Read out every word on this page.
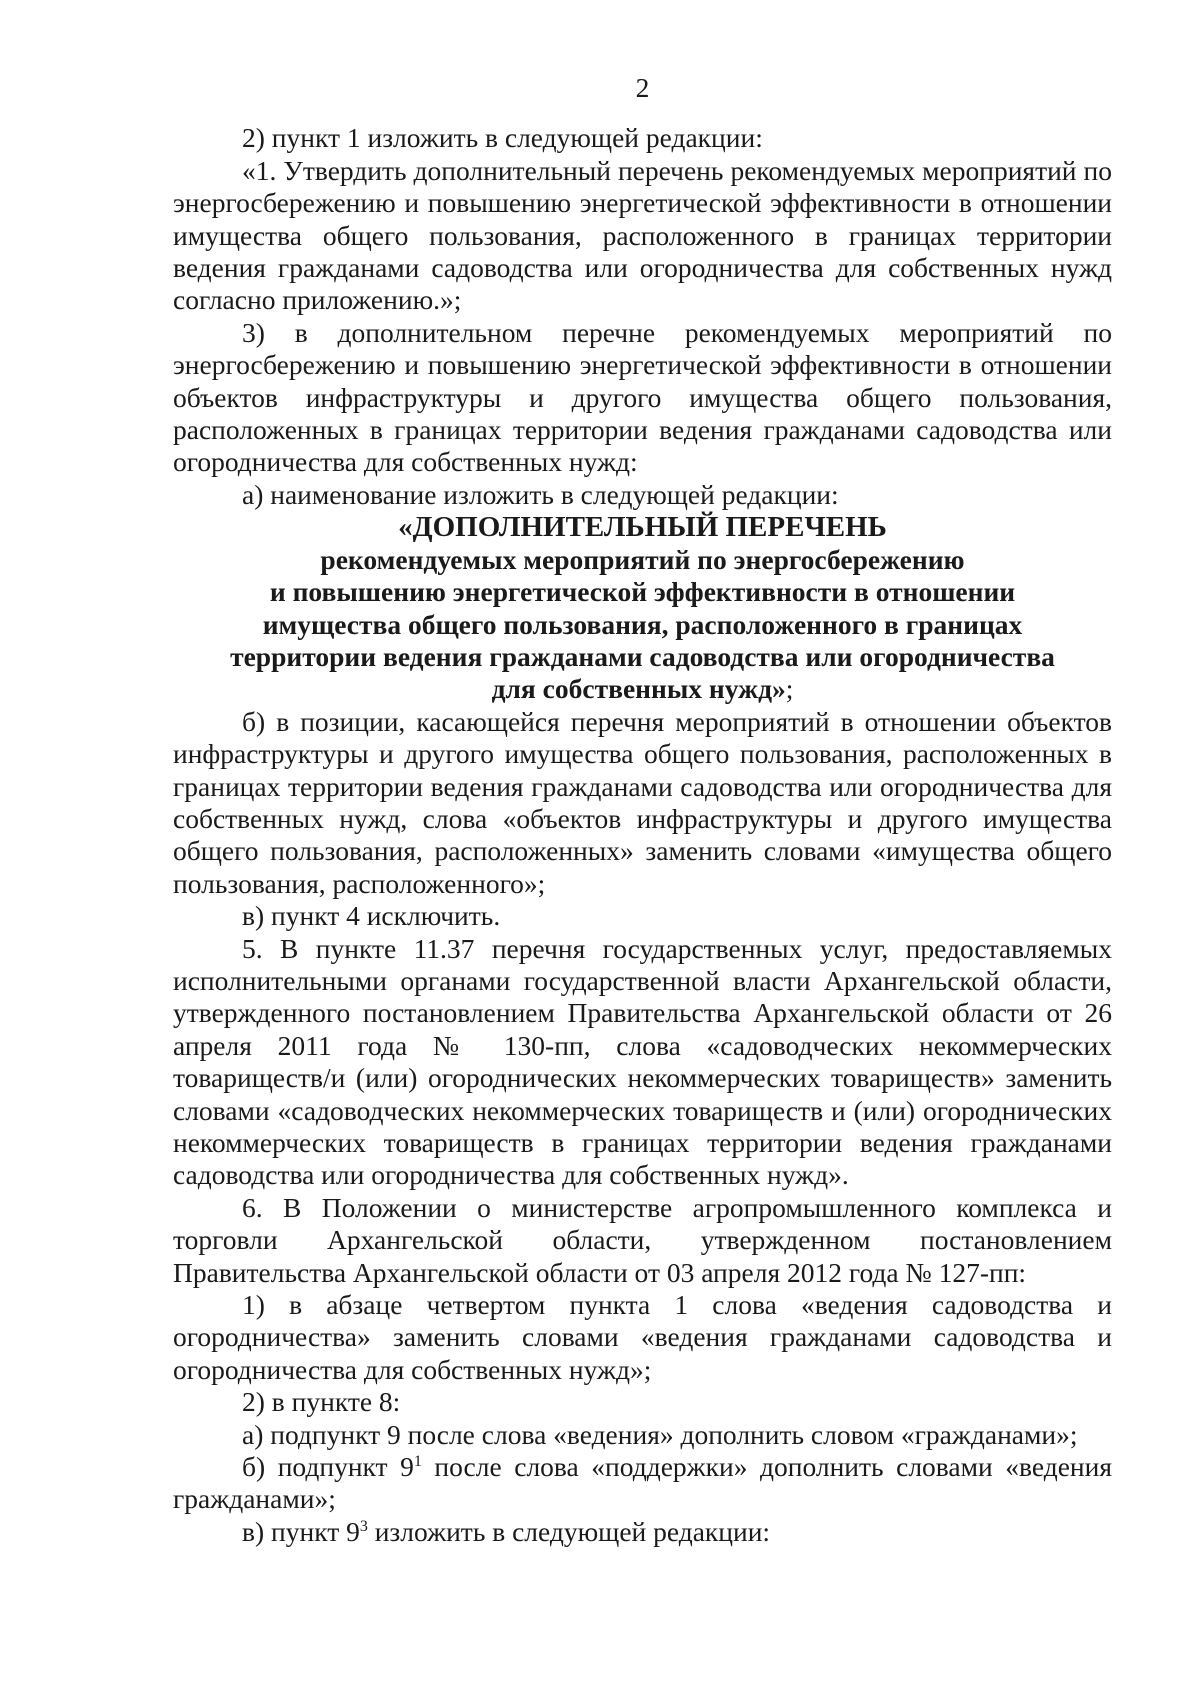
2

2) пункт 1 изложить в следующей редакции:

«1. Утвердить дополнительный перечень рекомендуемых мероприятий по энергосбережению и повышению энергетической эффективности в отношении имущества общего пользования, расположенного в границах территории ведения гражданами садоводства или огородничества для собственных нужд согласно приложению.»;

3) в дополнительном перечне рекомендуемых мероприятий по энергосбережению и повышению энергетической эффективности в отношении объектов инфраструктуры и другого имущества общего пользования, расположенных в границах территории ведения гражданами садоводства или огородничества для собственных нужд:

а) наименование изложить в следующей редакции:

«ДОПОЛНИТЕЛЬНЫЙ ПЕРЕЧЕНЬ

рекомендуемых мероприятий по энергосбережению

и повышению энергетической эффективности в отношении

имущества общего пользования, расположенного в границах

территории ведения гражданами садоводства или огородничества

для собственных нужд»;

б) в позиции, касающейся перечня мероприятий в отношении объектов инфраструктуры и другого имущества общего пользования, расположенных в границах территории ведения гражданами садоводства или огородничества для собственных нужд, слова «объектов инфраструктуры и другого имущества общего пользования, расположенных» заменить словами «имущества общего пользования, расположенного»;

в) пункт 4 исключить.

5. В пункте 11.37 перечня государственных услуг, предоставляемых исполнительными органами государственной власти Архангельской области, утвержденного постановлением Правительства Архангельской области от 26 апреля 2011 года № 130-пп, слова «садоводческих некоммерческих товариществ/и (или) огороднических некоммерческих товариществ» заменить словами «садоводческих некоммерческих товариществ и (или) огороднических некоммерческих товариществ в границах территории ведения гражданами садоводства или огородничества для собственных нужд».

6. В Положении о министерстве агропромышленного комплекса и торговли Архангельской области, утвержденном постановлением Правительства Архангельской области от 03 апреля 2012 года № 127-пп:

1) в абзаце четвертом пункта 1 слова «ведения садоводства и огородничества» заменить словами «ведения гражданами садоводства и огородничества для собственных нужд»;

2) в пункте 8:

а) подпункт 9 после слова «ведения» дополнить словом «гражданами»;

б) подпункт $9^1$ после слова «поддержки» дополнить словами «ведения гражданами»;

в) пункт $9^3$ изложить в следующей редакции:
